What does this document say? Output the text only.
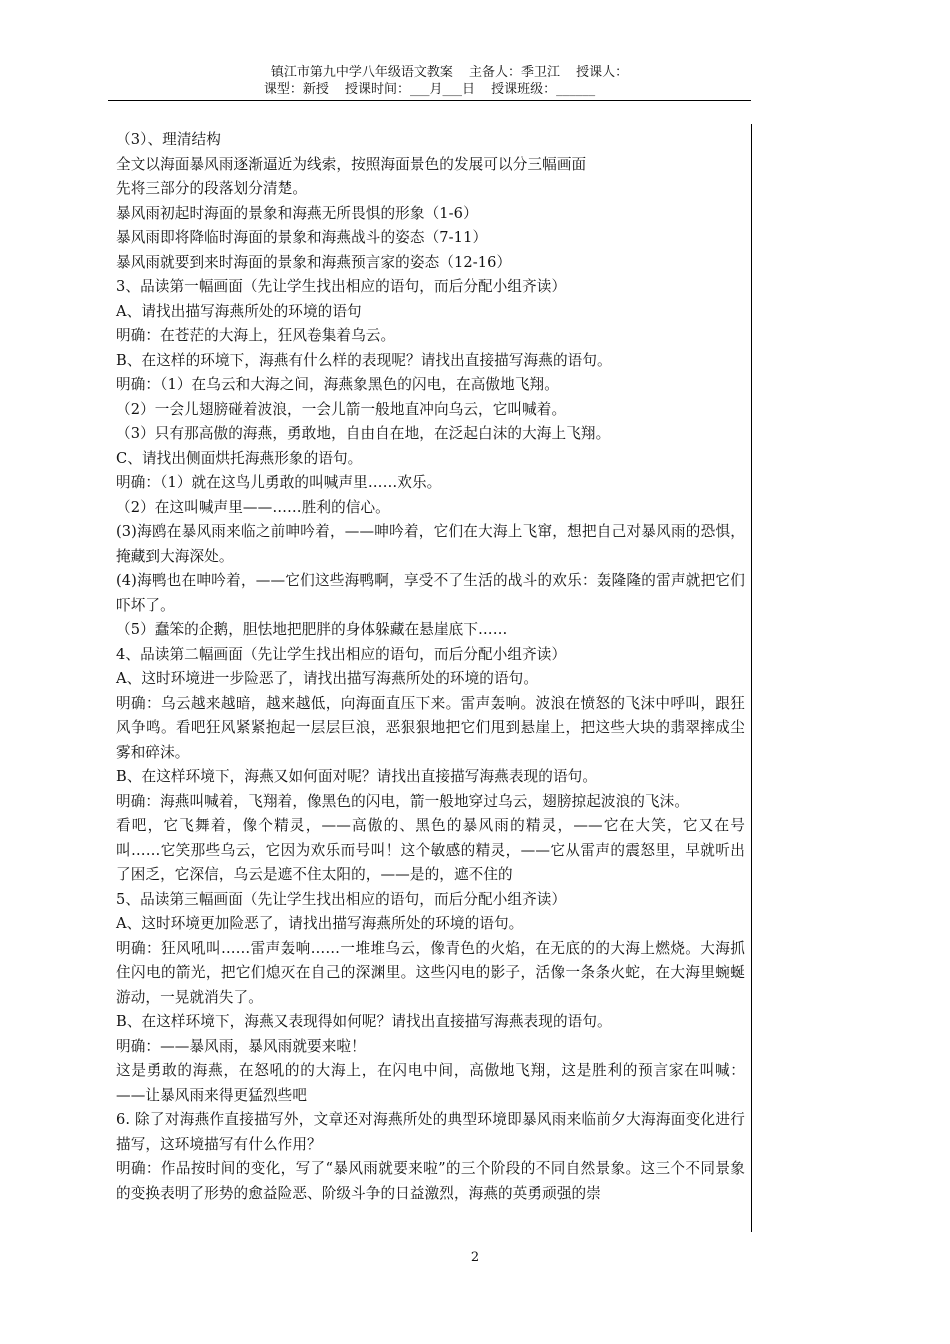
镇江市第九中学八年级语文教案 主备人：季卫江 授课人：
课型：新授 授课时间：___月___日 授课班级：______

（3）、理清结构

全文以海面暴风雨逐渐逼近为线索，按照海面景色的发展可以分三幅画面

先将三部分的段落划分清楚。

暴风雨初起时海面的景象和海燕无所畏惧的形象（1-6）

暴风雨即将降临时海面的景象和海燕战斗的姿态（7-11）

暴风雨就要到来时海面的景象和海燕预言家的姿态（12-16）

3、品读第一幅画面（先让学生找出相应的语句，而后分配小组齐读）

A、请找出描写海燕所处的环境的语句

明确：在苍茫的大海上，狂风卷集着乌云。

B、在这样的环境下，海燕有什么样的表现呢？请找出直接描写海燕的语句。

明确：（1）在乌云和大海之间，海燕象黑色的闪电，在高傲地飞翔。

（2）一会儿翅膀碰着波浪，一会儿箭一般地直冲向乌云，它叫喊着。

（3）只有那高傲的海燕，勇敢地，自由自在地，在泛起白沫的大海上飞翔。

C、请找出侧面烘托海燕形象的语句。

明确：（1）就在这鸟儿勇敢的叫喊声里……欢乐。

（2）在这叫喊声里——……胜利的信心。

(3)海鸥在暴风雨来临之前呻吟着，——呻吟着，它们在大海上飞窜，想把自己对暴风雨的恐惧，掩藏到大海深处。

(4)海鸭也在呻吟着，——它们这些海鸭啊，享受不了生活的战斗的欢乐：轰隆隆的雷声就把它们吓坏了。

（5）蠢笨的企鹅，胆怯地把肥胖的身体躲藏在悬崖底下……

4、品读第二幅画面（先让学生找出相应的语句，而后分配小组齐读）

A、这时环境进一步险恶了，请找出描写海燕所处的环境的语句。

明确：乌云越来越暗，越来越低，向海面直压下来。雷声轰响。波浪在愤怒的飞沫中呼叫，跟狂风争鸣。看吧狂风紧紧抱起一层层巨浪，恶狠狠地把它们甩到悬崖上，把这些大块的翡翠摔成尘雾和碎沫。

B、在这样环境下，海燕又如何面对呢？请找出直接描写海燕表现的语句。

明确：海燕叫喊着，飞翔着，像黑色的闪电，箭一般地穿过乌云，翅膀掠起波浪的飞沫。

看吧，它飞舞着，像个精灵，——高傲的、黑色的暴风雨的精灵，——它在大笑，它又在号叫……它笑那些乌云，它因为欢乐而号叫！这个敏感的精灵，——它从雷声的震怒里，早就听出了困乏，它深信，乌云是遮不住太阳的，——是的，遮不住的

5、品读第三幅画面（先让学生找出相应的语句，而后分配小组齐读）

A、这时环境更加险恶了，请找出描写海燕所处的环境的语句。

明确：狂风吼叫……雷声轰响……一堆堆乌云，像青色的火焰，在无底的的大海上燃烧。大海抓住闪电的箭光，把它们熄灭在自己的深渊里。这些闪电的影子，活像一条条火蛇，在大海里蜿蜒游动，一晃就消失了。

B、在这样环境下，海燕又表现得如何呢？请找出直接描写海燕表现的语句。

明确：——暴风雨，暴风雨就要来啦！

这是勇敢的海燕，在怒吼的的大海上，在闪电中间，高傲地飞翔，这是胜利的预言家在叫喊： ——让暴风雨来得更猛烈些吧

6. 除了对海燕作直接描写外，文章还对海燕所处的典型环境即暴风雨来临前夕大海海面变化进行描写，这环境描写有什么作用？

明确：作品按时间的变化，写了“暴风雨就要来啦”的三个阶段的不同自然景象。这三个不同景象的变换表明了形势的愈益险恶、阶级斗争的日益激烈，海燕的英勇顽强的崇

2
